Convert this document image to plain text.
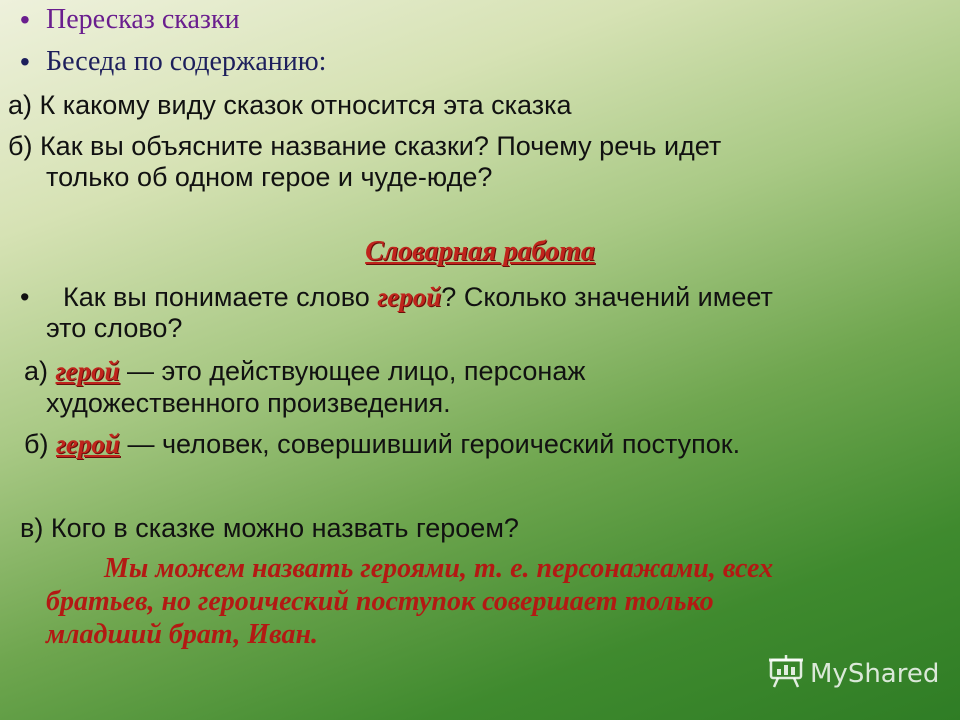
• Пересказ сказки
• Беседа по содержанию:
а) К какому виду сказок относится эта сказка
б) Как вы объясните название сказки? Почему речь идет
только об одном герое и чуде-юде?
Словарная работа
• Как вы понимаете слово герой? Сколько значений имеет
это слово?
а) герой — это действующее лицо, персонаж
художественного произведения.
б) герой — человек, совершивший героический поступок.
в) Кого в сказке можно назвать героем?
Мы можем назвать героями, т. е. персонажами, всех
братьев, но героический поступок совершает только
младший брат, Иван.
MyShared
